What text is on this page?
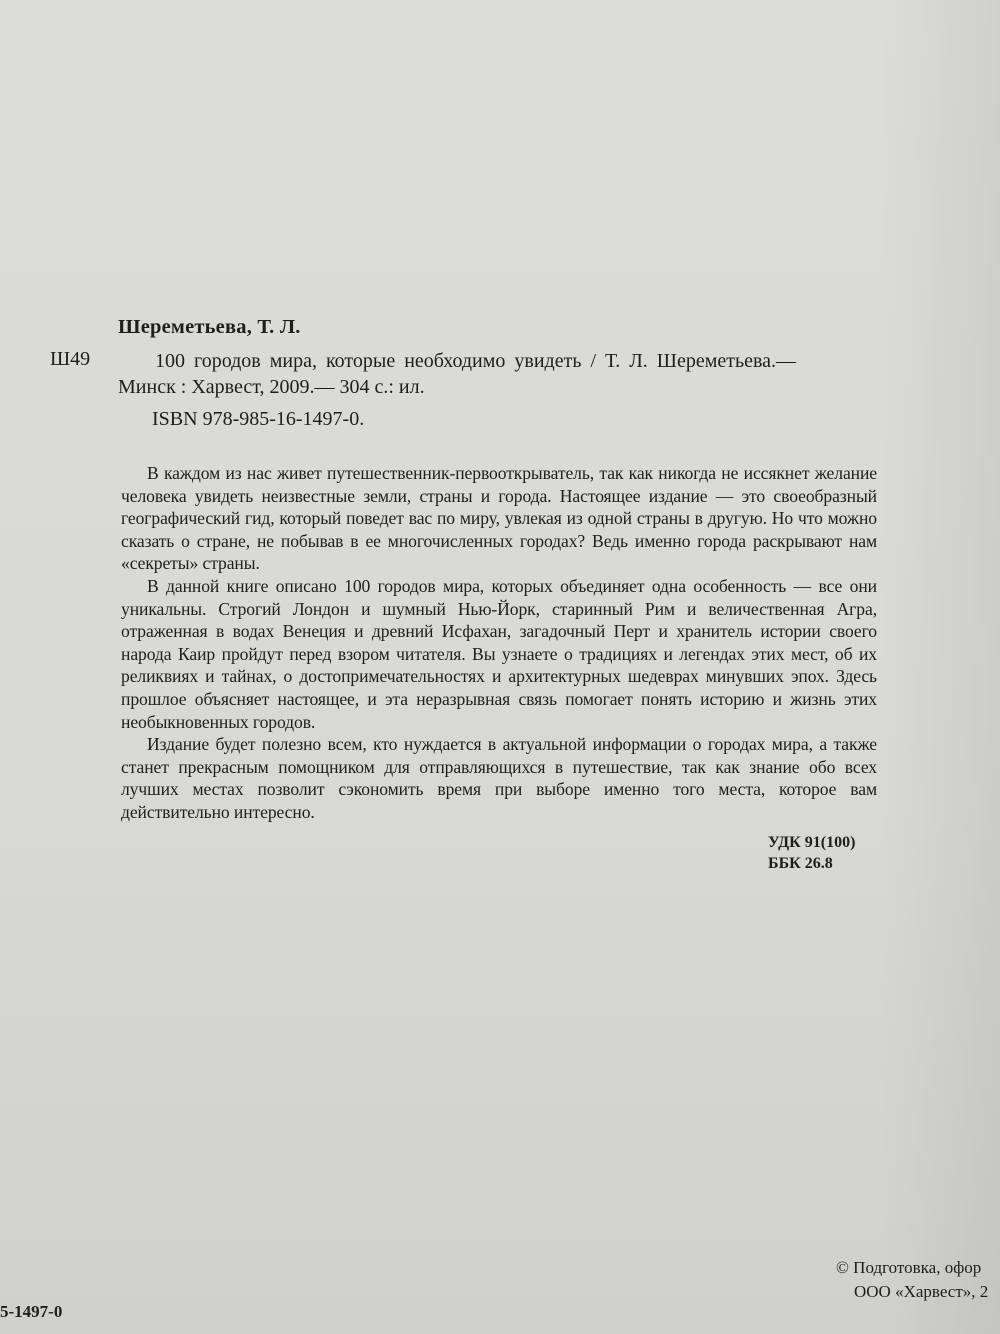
Шереметьева, Т. Л.
Ш49	100 городов мира, которые необходимо увидеть / Т. Л. Шереметьева.—
Минск : Харвест, 2009.— 304 с.: ил.
ISBN 978-985-16-1497-0.

В каждом из нас живет путешественник-первооткрыватель, так как никогда не иссякнет желание человека увидеть неизвестные земли, страны и города. Настоящее издание — это своеобразный географический гид, который поведет вас по миру, увлекая из одной страны в другую. Но что можно сказать о стране, не побывав в ее многочисленных городах? Ведь именно города раскрывают нам «секреты» страны.

В данной книге описано 100 городов мира, которых объединяет одна особенность — все они уникальны. Строгий Лондон и шумный Нью-Йорк, старинный Рим и величественная Агра, отраженная в водах Венеция и древний Исфахан, загадочный Перт и хранитель истории своего народа Каир пройдут перед взором читателя. Вы узнаете о традициях и легендах этих мест, об их реликвиях и тайнах, о достопримечательностях и архитектурных шедеврах минувших эпох. Здесь прошлое объясняет настоящее, и эта неразрывная связь помогает понять историю и жизнь этих необыкновенных городов.

Издание будет полезно всем, кто нуждается в актуальной информации о городах мира, а также станет прекрасным помощником для отправляющихся в путешествие, так как знание обо всех лучших местах позволит сэкономить время при выборе именно того места, которое вам действительно интересно.

УДК 91(100)
ББК 26.8
© Подготовка, офор
ООО «Харвест», 2
5-1497-0
